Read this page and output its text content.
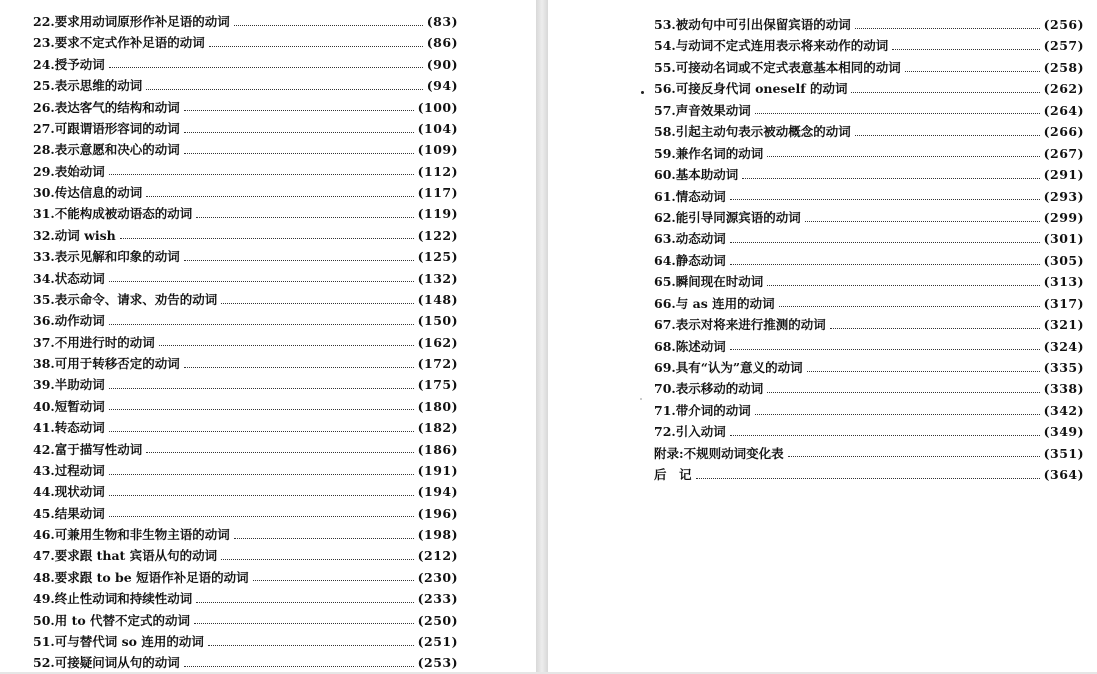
22.要求用动词原形作补足语的动词	(83)
23.要求不定式作补足语的动词	(86)
24.授予动词	(90)
25.表示思维的动词	(94)
26.表达客气的结构和动词	(100)
27.可跟谓语形容词的动词	(104)
28.表示意愿和决心的动词	(109)
29.表始动词	(112)
30.传达信息的动词	(117)
31.不能构成被动语态的动词	(119)
32.动词 wish	(122)
33.表示见解和印象的动词	(125)
34.状态动词	(132)
35.表示命令、请求、劝告的动词	(148)
36.动作动词	(150)
37.不用进行时的动词	(162)
38.可用于转移否定的动词	(172)
39.半助动词	(175)
40.短暂动词	(180)
41.转态动词	(182)
42.富于描写性动词	(186)
43.过程动词	(191)
44.现状动词	(194)
45.结果动词	(196)
46.可兼用生物和非生物主语的动词	(198)
47.要求跟 that 宾语从句的动词	(212)
48.要求跟 to be 短语作补足语的动词	(230)
49.终止性动词和持续性动词	(233)
50.用 to 代替不定式的动词	(250)
51.可与替代词 so 连用的动词	(251)
52.可接疑问词从句的动词	(253)
53.被动句中可引出保留宾语的动词	(256)
54.与动词不定式连用表示将来动作的动词	(257)
55.可接动名词或不定式表意基本相同的动词	(258)
56.可接反身代词 oneself 的动词	(262)
57.声音效果动词	(264)
58.引起主动句表示被动概念的动词	(266)
59.兼作名词的动词	(267)
60.基本助动词	(291)
61.情态动词	(293)
62.能引导同源宾语的动词	(299)
63.动态动词	(301)
64.静态动词	(305)
65.瞬间现在时动词	(313)
66.与 as 连用的动词	(317)
67.表示对将来进行推测的动词	(321)
68.陈述动词	(324)
69.具有“认为”意义的动词	(335)
70.表示移动的动词	(338)
71.带介词的动词	(342)
72.引入动词	(349)
附录:不规则动词变化表	(351)
后　记	(364)
